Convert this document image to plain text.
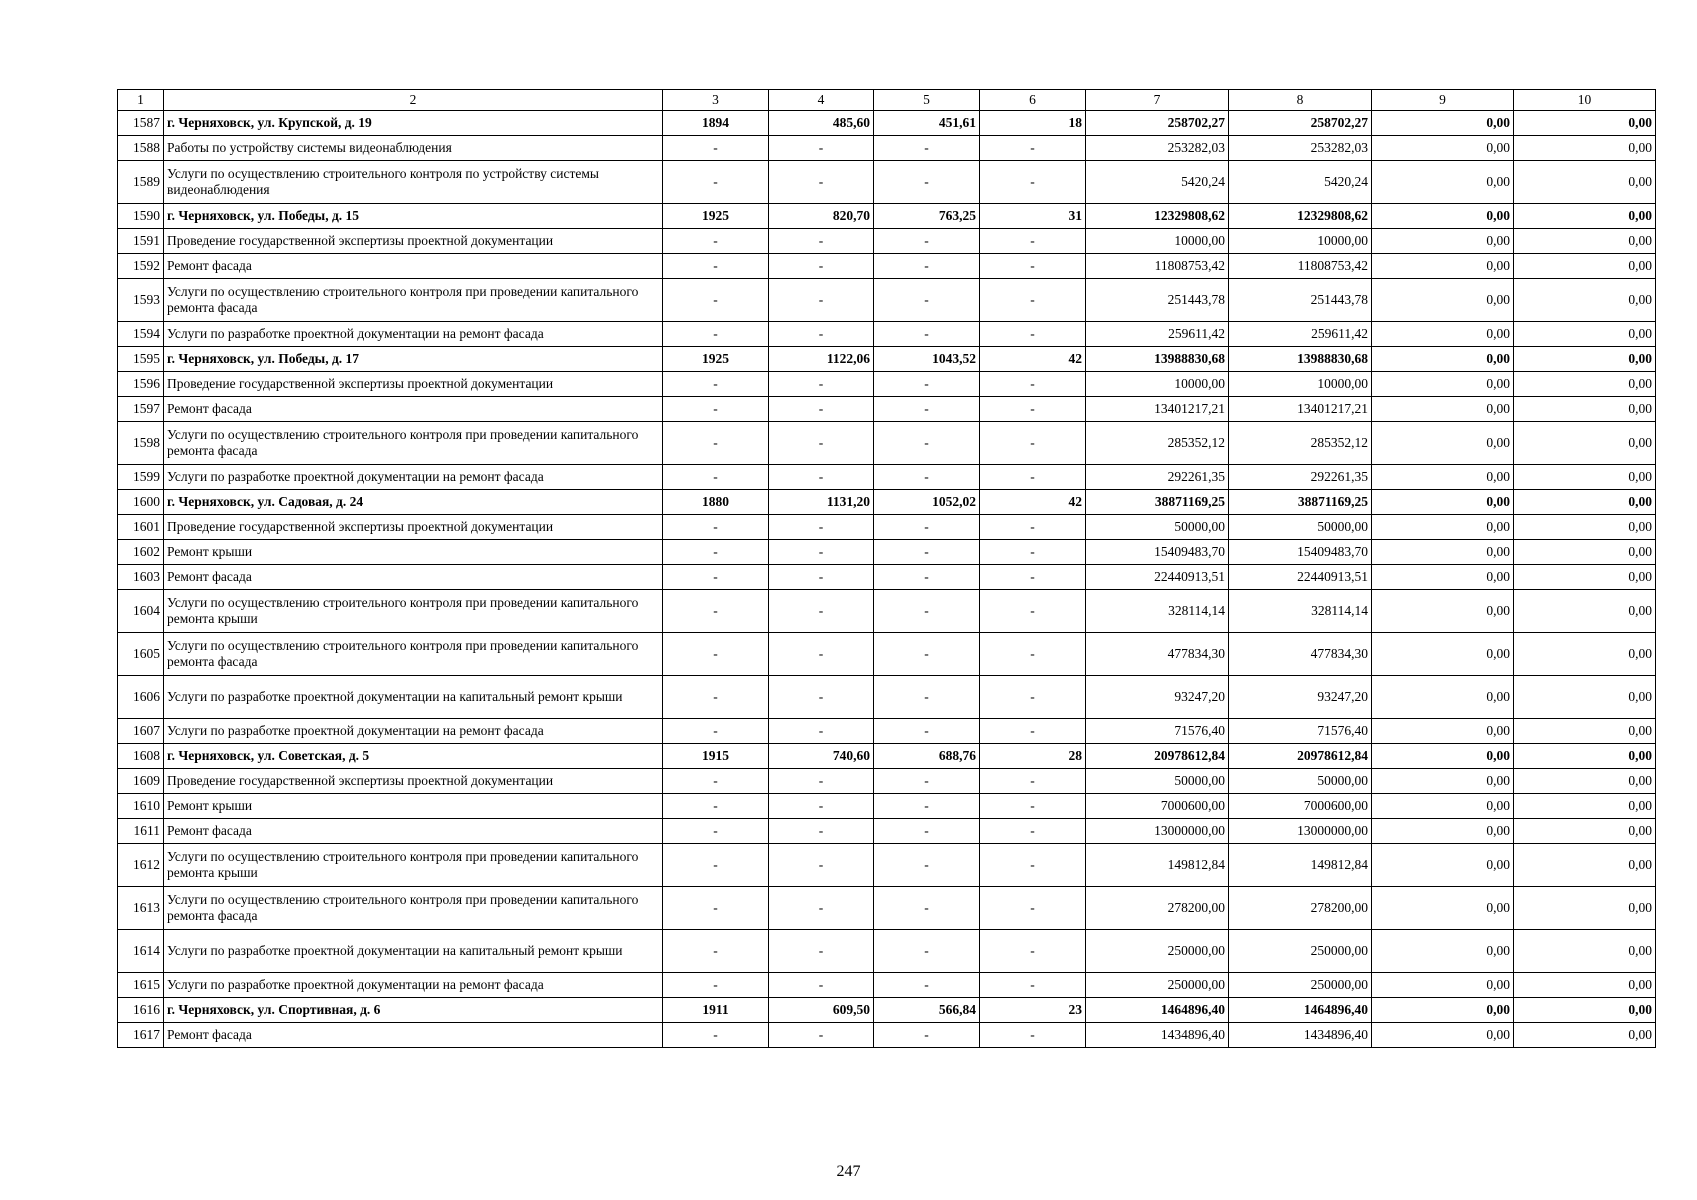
1	2	3	4	5	6	7	8	9	10
1587	г. Черняховск, ул. Крупской, д. 19	1894	485,60	451,61	18	258702,27	258702,27	0,00	0,00
1588	Работы по устройству системы видеонаблюдения	-	-	-	-	253282,03	253282,03	0,00	0,00
1589	Услуги по осуществлению строительного контроля по устройству системы видеонаблюдения	-	-	-	-	5420,24	5420,24	0,00	0,00
1590	г. Черняховск, ул. Победы, д. 15	1925	820,70	763,25	31	12329808,62	12329808,62	0,00	0,00
1591	Проведение государственной экспертизы проектной документации	-	-	-	-	10000,00	10000,00	0,00	0,00
1592	Ремонт фасада	-	-	-	-	11808753,42	11808753,42	0,00	0,00
1593	Услуги по осуществлению строительного контроля при проведении капитального ремонта фасада	-	-	-	-	251443,78	251443,78	0,00	0,00
1594	Услуги по разработке проектной документации на ремонт фасада	-	-	-	-	259611,42	259611,42	0,00	0,00
1595	г. Черняховск, ул. Победы, д. 17	1925	1122,06	1043,52	42	13988830,68	13988830,68	0,00	0,00
1596	Проведение государственной экспертизы проектной документации	-	-	-	-	10000,00	10000,00	0,00	0,00
1597	Ремонт фасада	-	-	-	-	13401217,21	13401217,21	0,00	0,00
1598	Услуги по осуществлению строительного контроля при проведении капитального ремонта фасада	-	-	-	-	285352,12	285352,12	0,00	0,00
1599	Услуги по разработке проектной документации на ремонт фасада	-	-	-	-	292261,35	292261,35	0,00	0,00
1600	г. Черняховск, ул. Садовая, д. 24	1880	1131,20	1052,02	42	38871169,25	38871169,25	0,00	0,00
1601	Проведение государственной экспертизы проектной документации	-	-	-	-	50000,00	50000,00	0,00	0,00
1602	Ремонт крыши	-	-	-	-	15409483,70	15409483,70	0,00	0,00
1603	Ремонт фасада	-	-	-	-	22440913,51	22440913,51	0,00	0,00
1604	Услуги по осуществлению строительного контроля при проведении капитального ремонта крыши	-	-	-	-	328114,14	328114,14	0,00	0,00
1605	Услуги по осуществлению строительного контроля при проведении капитального ремонта фасада	-	-	-	-	477834,30	477834,30	0,00	0,00
1606	Услуги по разработке проектной документации на капитальный ремонт крыши	-	-	-	-	93247,20	93247,20	0,00	0,00
1607	Услуги по разработке проектной документации на ремонт фасада	-	-	-	-	71576,40	71576,40	0,00	0,00
1608	г. Черняховск, ул. Советская, д. 5	1915	740,60	688,76	28	20978612,84	20978612,84	0,00	0,00
1609	Проведение государственной экспертизы проектной документации	-	-	-	-	50000,00	50000,00	0,00	0,00
1610	Ремонт крыши	-	-	-	-	7000600,00	7000600,00	0,00	0,00
1611	Ремонт фасада	-	-	-	-	13000000,00	13000000,00	0,00	0,00
1612	Услуги по осуществлению строительного контроля при проведении капитального ремонта крыши	-	-	-	-	149812,84	149812,84	0,00	0,00
1613	Услуги по осуществлению строительного контроля при проведении капитального ремонта фасада	-	-	-	-	278200,00	278200,00	0,00	0,00
1614	Услуги по разработке проектной документации на капитальный ремонт крыши	-	-	-	-	250000,00	250000,00	0,00	0,00
1615	Услуги по разработке проектной документации на ремонт фасада	-	-	-	-	250000,00	250000,00	0,00	0,00
1616	г. Черняховск, ул. Спортивная, д. 6	1911	609,50	566,84	23	1464896,40	1464896,40	0,00	0,00
1617	Ремонт фасада	-	-	-	-	1434896,40	1434896,40	0,00	0,00
247
